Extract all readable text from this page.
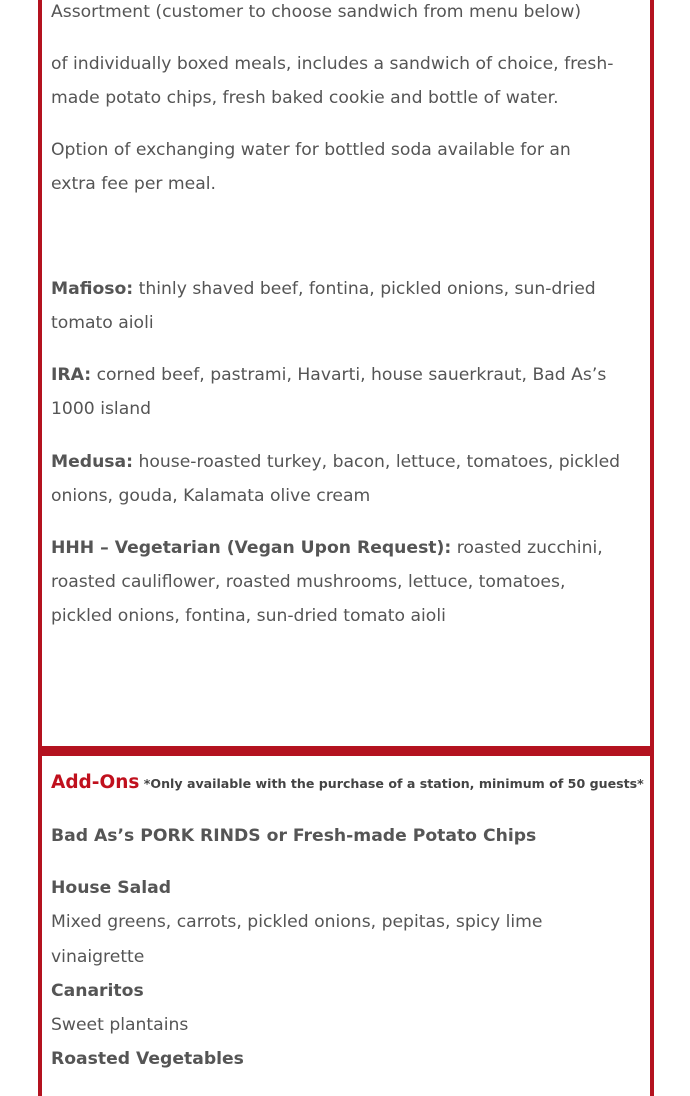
Assortment (customer to choose sandwich from menu below)

of individually boxed meals, includes a sandwich of choice, fresh-

made potato chips, fresh baked cookie and bottle of water.

Option of exchanging water for bottled soda available for an

extra fee per meal.

Mafioso: thinly shaved beef, fontina, pickled onions, sun-dried

tomato aioli

IRA: corned beef, pastrami, Havarti, house sauerkraut, Bad As’s

1000 island

Medusa: house-roasted turkey, bacon, lettuce, tomatoes, pickled

onions, gouda, Kalamata olive cream

HHH – Vegetarian (Vegan Upon Request): roasted zucchini,

roasted cauliflower, roasted mushrooms, lettuce, tomatoes,

pickled onions, fontina, sun-dried tomato aioli

Add-Ons *Only available with the purchase of a station, minimum of 50 guests*

Bad As’s PORK RINDS or Fresh-made Potato Chips

House Salad

Mixed greens, carrots, pickled onions, pepitas, spicy lime

vinaigrette

Canaritos

Sweet plantains

Roasted Vegetables
